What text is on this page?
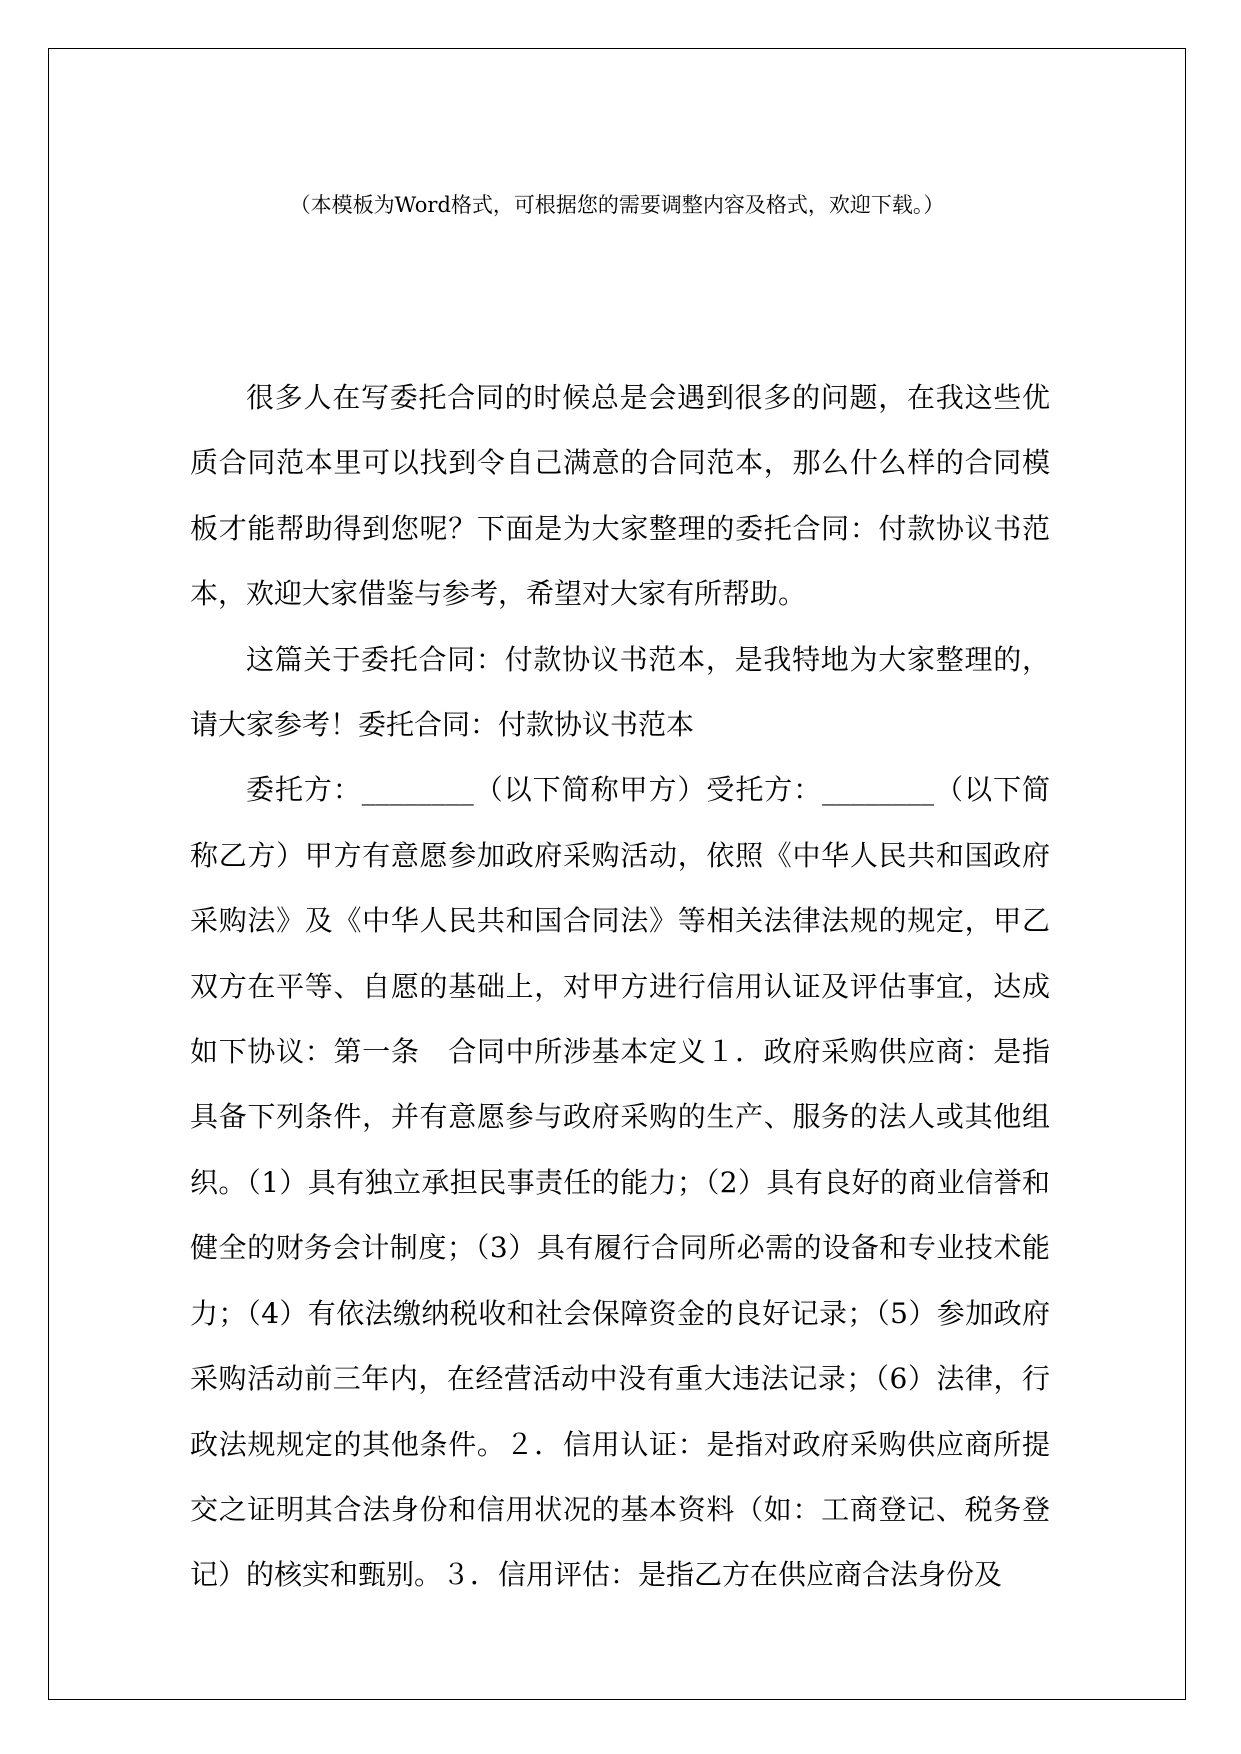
（本模板为Word格式，可根据您的需要调整内容及格式，欢迎下载。）

很多人在写委托合同的时候总是会遇到很多的问题，在我这些优质合同范本里可以找到令自己满意的合同范本，那么什么样的合同模板才能帮助得到您呢？下面是为大家整理的委托合同：付款协议书范本，欢迎大家借鉴与参考，希望对大家有所帮助。

这篇关于委托合同：付款协议书范本，是我特地为大家整理的，请大家参考！委托合同：付款协议书范本

委托方：________（以下简称甲方）受托方：________（以下简称乙方）甲方有意愿参加政府采购活动，依照《中华人民共和国政府采购法》及《中华人民共和国合同法》等相关法律法规的规定，甲乙双方在平等、自愿的基础上，对甲方进行信用认证及评估事宜，达成如下协议：第一条　合同中所涉基本定义１．政府采购供应商：是指具备下列条件，并有意愿参与政府采购的生产、服务的法人或其他组织。（1）具有独立承担民事责任的能力；（2）具有良好的商业信誉和健全的财务会计制度；（3）具有履行合同所必需的设备和专业技术能力；（4）有依法缴纳税收和社会保障资金的良好记录；（5）参加政府采购活动前三年内，在经营活动中没有重大违法记录；（6）法律，行政法规规定的其他条件。２．信用认证：是指对政府采购供应商所提交之证明其合法身份和信用状况的基本资料（如：工商登记、税务登记）的核实和甄别。３．信用评估：是指乙方在供应商合法身份及
